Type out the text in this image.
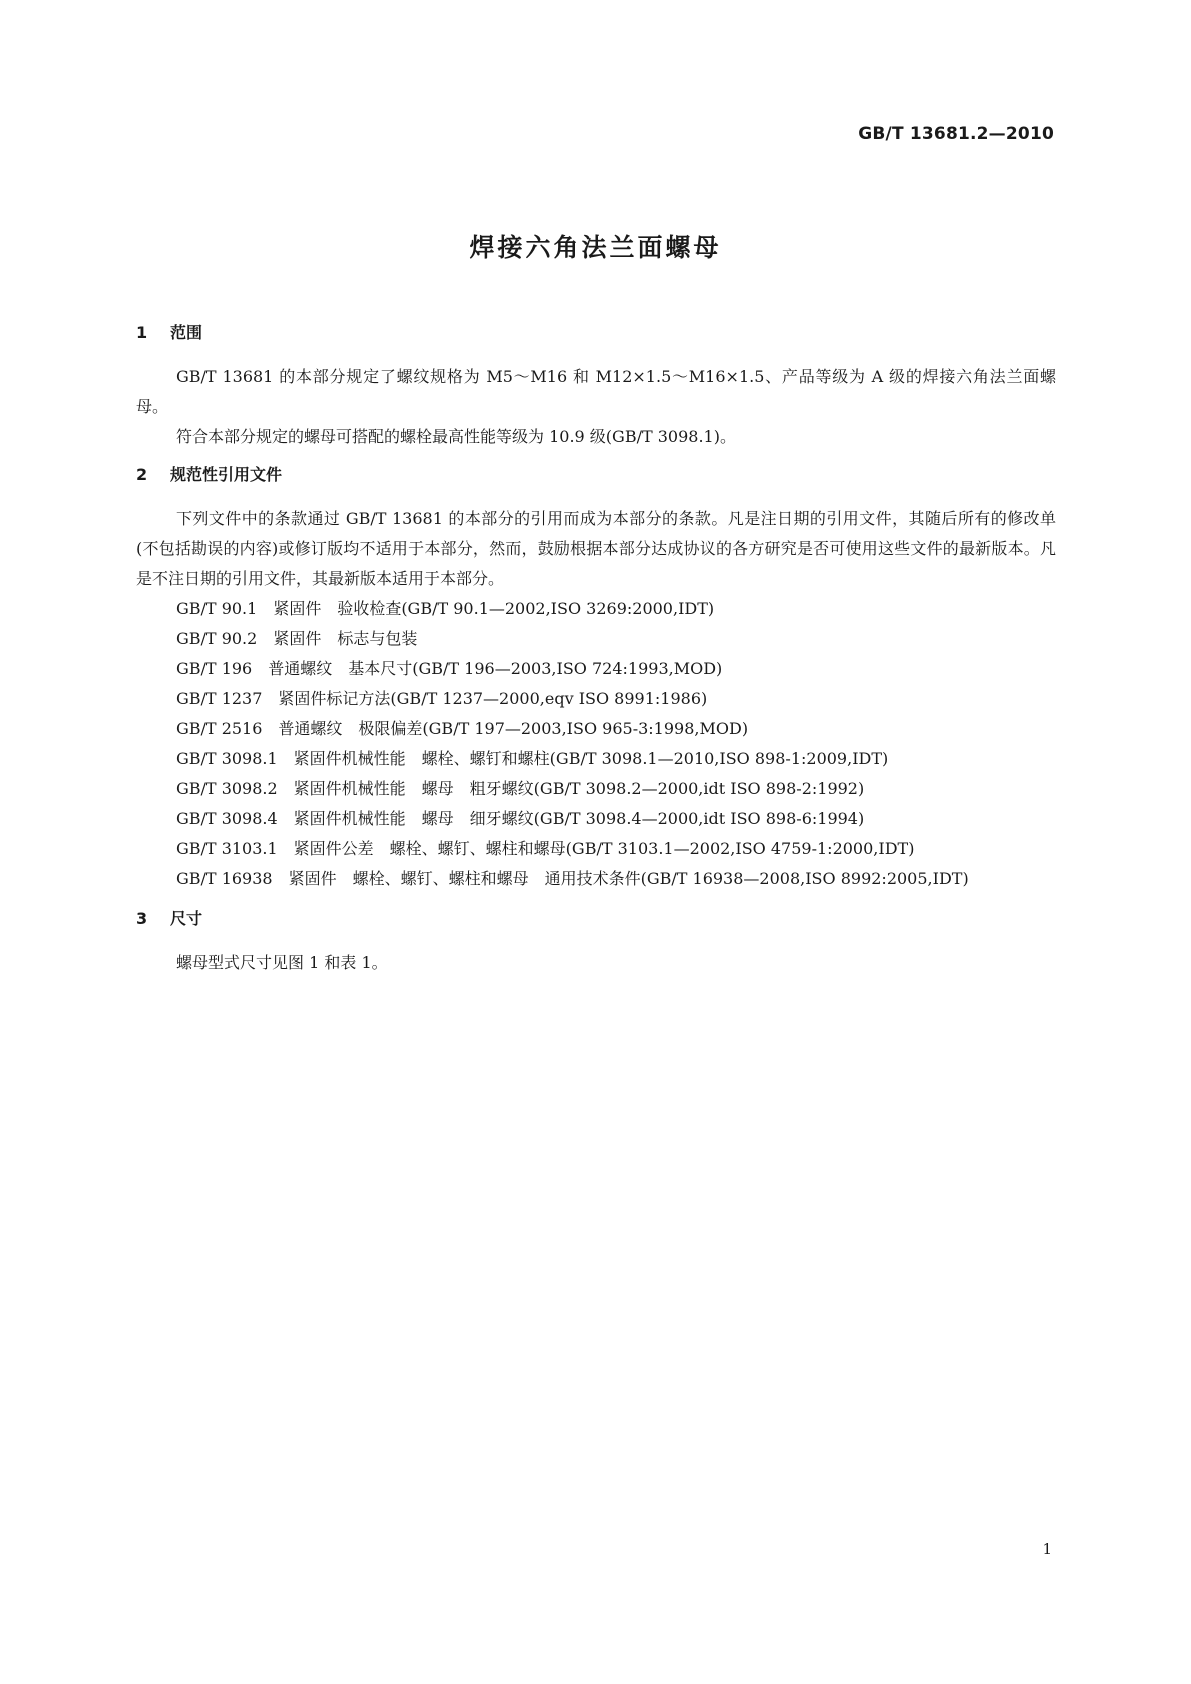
GB/T 13681.2—2010
焊接六角法兰面螺母
1 范围

GB/T 13681 的本部分规定了螺纹规格为 M5～M16 和 M12×1.5～M16×1.5、产品等级为 A 级的焊接六角法兰面螺母。

符合本部分规定的螺母可搭配的螺栓最高性能等级为 10.9 级(GB/T 3098.1)。

2 规范性引用文件

下列文件中的条款通过 GB/T 13681 的本部分的引用而成为本部分的条款。凡是注日期的引用文件，其随后所有的修改单(不包括勘误的内容)或修订版均不适用于本部分，然而，鼓励根据本部分达成协议的各方研究是否可使用这些文件的最新版本。凡是不注日期的引用文件，其最新版本适用于本部分。

GB/T 90.1　紧固件　验收检查(GB/T 90.1—2002,ISO 3269:2000,IDT)

GB/T 90.2　紧固件　标志与包装

GB/T 196　普通螺纹　基本尺寸(GB/T 196—2003,ISO 724:1993,MOD)

GB/T 1237　紧固件标记方法(GB/T 1237—2000,eqv ISO 8991:1986)

GB/T 2516　普通螺纹　极限偏差(GB/T 197—2003,ISO 965-3:1998,MOD)

GB/T 3098.1　紧固件机械性能　螺栓、螺钉和螺柱(GB/T 3098.1—2010,ISO 898-1:2009,IDT)

GB/T 3098.2　紧固件机械性能　螺母　粗牙螺纹(GB/T 3098.2—2000,idt ISO 898-2:1992)

GB/T 3098.4　紧固件机械性能　螺母　细牙螺纹(GB/T 3098.4—2000,idt ISO 898-6:1994)

GB/T 3103.1　紧固件公差　螺栓、螺钉、螺柱和螺母(GB/T 3103.1—2002,ISO 4759-1:2000,IDT)

GB/T 16938　紧固件　螺栓、螺钉、螺柱和螺母　通用技术条件(GB/T 16938—2008,ISO 8992:2005,IDT)

3 尺寸

螺母型式尺寸见图 1 和表 1。

1
